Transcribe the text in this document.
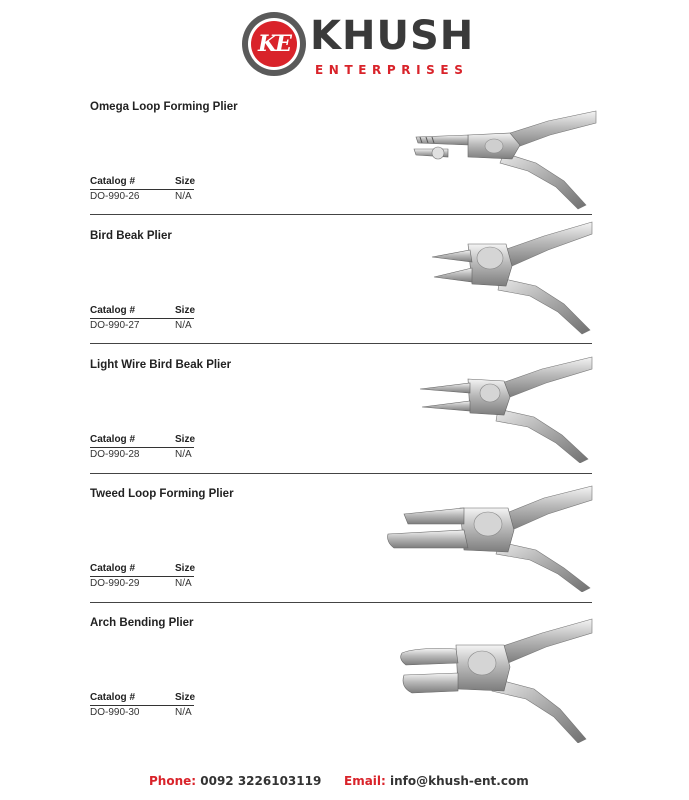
KE KHUSH
ENTERPRISES
Omega Loop Forming Plier
Catalog #	Size
DO-990-26	N/A
Bird Beak Plier
Catalog #	Size
DO-990-27	N/A
Light Wire Bird Beak Plier
Catalog #	Size
DO-990-28	N/A
Tweed Loop Forming Plier
Catalog #	Size
DO-990-29	N/A
Arch Bending Plier
Catalog #	Size
DO-990-30	N/A
Phone: 0092 3226103119 Email: info@khush-ent.com
